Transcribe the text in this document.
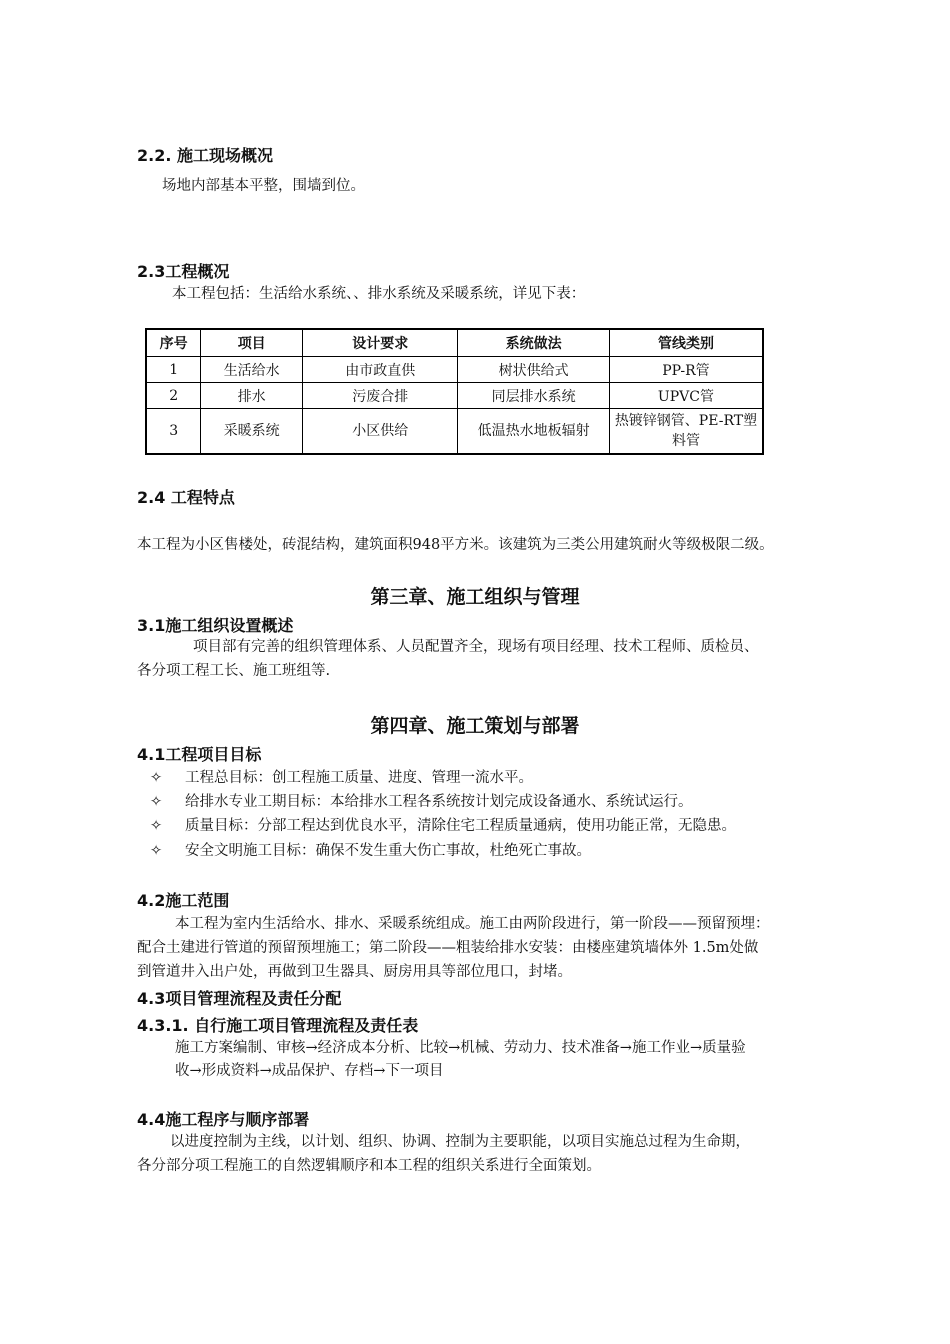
2.2. 施工现场概况
场地内部基本平整，围墙到位。
2.3工程概况
本工程包括：生活给水系统、、排水系统及采暖系统，详见下表：
序号	项目	设计要求	系统做法	管线类别
1	生活给水	由市政直供	树状供给式	PP-R管
2	排水	污废合排	同层排水系统	UPVC管
3	采暖系统	小区供给	低温热水地板辐射	热镀锌钢管、PE-RT塑料管
2.4 工程特点
本工程为小区售楼处，砖混结构，建筑面积948平方米。该建筑为三类公用建筑耐火等级极限二级。
第三章、施工组织与管理
3.1施工组织设置概述
项目部有完善的组织管理体系、人员配置齐全，现场有项目经理、技术工程师、质检员、
各分项工程工长、施工班组等.
第四章、施工策划与部署
4.1工程项目目标
✧ 工程总目标：创工程施工质量、进度、管理一流水平。
✧ 给排水专业工期目标：本给排水工程各系统按计划完成设备通水、系统试运行。
✧ 质量目标：分部工程达到优良水平，清除住宅工程质量通病，使用功能正常，无隐患。
✧ 安全文明施工目标：确保不发生重大伤亡事故，杜绝死亡事故。
4.2施工范围
本工程为室内生活给水、排水、采暖系统组成。施工由两阶段进行，第一阶段——预留预埋：
配合土建进行管道的预留预埋施工；第二阶段——粗装给排水安装：由楼座建筑墙体外 1.5m处做
到管道井入出户处，再做到卫生器具、厨房用具等部位甩口，封堵。
4.3项目管理流程及责任分配
4.3.1. 自行施工项目管理流程及责任表
施工方案编制、审核→经济成本分析、比较→机械、劳动力、技术准备→施工作业→质量验
收→形成资料→成品保护、存档→下一项目
4.4施工程序与顺序部署
以进度控制为主线，以计划、组织、协调、控制为主要职能，以项目实施总过程为生命期，
各分部分项工程施工的自然逻辑顺序和本工程的组织关系进行全面策划。
